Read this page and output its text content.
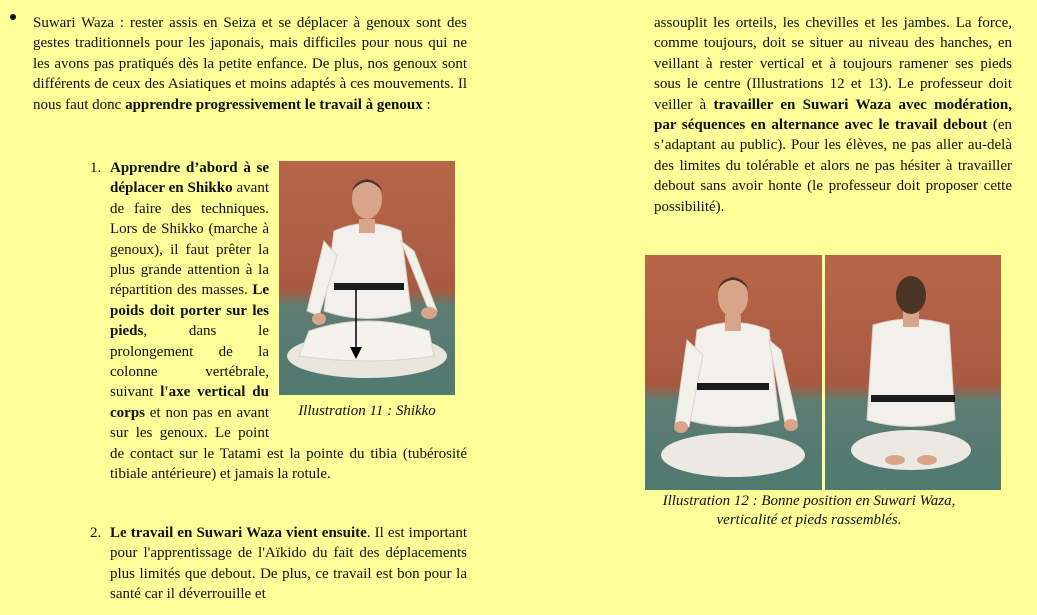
Suwari Waza : rester assis en Seiza et se déplacer à genoux sont des gestes traditionnels pour les japonais, mais difficiles pour nous qui ne les avons pas pratiqués dès la petite enfance. De plus, nos genoux sont différents de ceux des Asiatiques et moins adaptés à ces mouvements. Il nous faut donc apprendre progressivement le travail à genoux :

1. Apprendre d’abord à se déplacer en Shikko avant de faire des techniques. Lors de Shikko (marche à genoux), il faut prêter la plus grande attention à la répartition des masses. Le poids doit porter sur les pieds, dans le prolongement de la colonne vertébrale, suivant l'axe vertical du corps et non pas en avant sur les genoux. Le point de contact sur le Tatami est la pointe du tibia (tubérosité tibiale antérieure) et jamais la rotule.

Illustration 11 : Shikko
2. Le travail en Suwari Waza vient ensuite. Il est important pour l'apprentissage de l'Aïkido du fait des déplacements plus limités que debout. De plus, ce travail est bon pour la santé car il déverrouille et

assouplit les orteils, les chevilles et les jambes. La force, comme toujours, doit se situer au niveau des hanches, en veillant à rester vertical et à toujours ramener ses pieds sous le centre (Illustrations 12 et 13). Le professeur doit veiller à travailler en Suwari Waza avec modération, par séquences en alternance avec le travail debout (en s’adaptant au public). Pour les élèves, ne pas aller au-delà des limites du tolérable et alors ne pas hésiter à travailler debout sans avoir honte (le professeur doit proposer cette possibilité).

Illustration 12 : Bonne position en Suwari Waza,
verticalité et pieds rassemblés.
